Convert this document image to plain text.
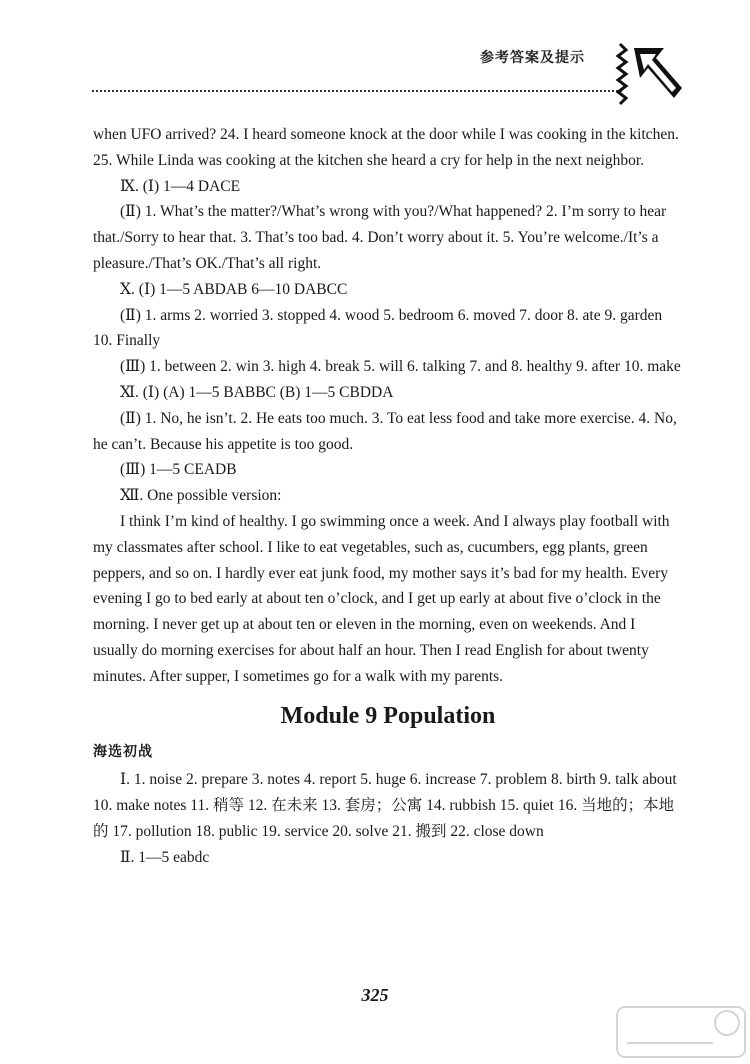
参考答案及提示

when UFO arrived? 24. I heard someone knock at the door while I was cooking in the kitchen. 25. While Linda was cooking at the kitchen she heard a cry for help in the next neighbor.

Ⅸ. (Ⅰ) 1—4 DACE

(Ⅱ) 1. What’s the matter?/What’s wrong with you?/What happened? 2. I’m sorry to hear that./Sorry to hear that. 3. That’s too bad. 4. Don’t worry about it. 5. You’re welcome./It’s a pleasure./That’s OK./That’s all right.

Ⅹ. (Ⅰ) 1—5 ABDAB 6—10 DABCC

(Ⅱ) 1. arms 2. worried 3. stopped 4. wood 5. bedroom 6. moved 7. door 8. ate 9. garden 10. Finally

(Ⅲ) 1. between 2. win 3. high 4. break 5. will 6. talking 7. and 8. healthy 9. after 10. make

Ⅺ. (Ⅰ) (A) 1—5 BABBC (B) 1—5 CBDDA

(Ⅱ) 1. No, he isn’t. 2. He eats too much. 3. To eat less food and take more exercise. 4. No, he can’t. Because his appetite is too good.

(Ⅲ) 1—5 CEADB

Ⅻ. One possible version:

I think I’m kind of healthy. I go swimming once a week. And I always play football with my classmates after school. I like to eat vegetables, such as, cucumbers, egg plants, green peppers, and so on. I hardly ever eat junk food, my mother says it’s bad for my health. Every evening I go to bed early at about ten o’clock, and I get up early at about five o’clock in the morning. I never get up at about ten or eleven in the morning, even on weekends. And I usually do morning exercises for about half an hour. Then I read English for about twenty minutes. After supper, I sometimes go for a walk with my parents.

Module 9 Population

海选初战

Ⅰ. 1. noise 2. prepare 3. notes 4. report 5. huge 6. increase 7. problem 8. birth 9. talk about 10. make notes 11. 稍等 12. 在未来 13. 套房；公寓 14. rubbish 15. quiet 16. 当地的；本地的 17. pollution 18. public 19. service 20. solve 21. 搬到 22. close down

Ⅱ. 1—5 eabdc

325
